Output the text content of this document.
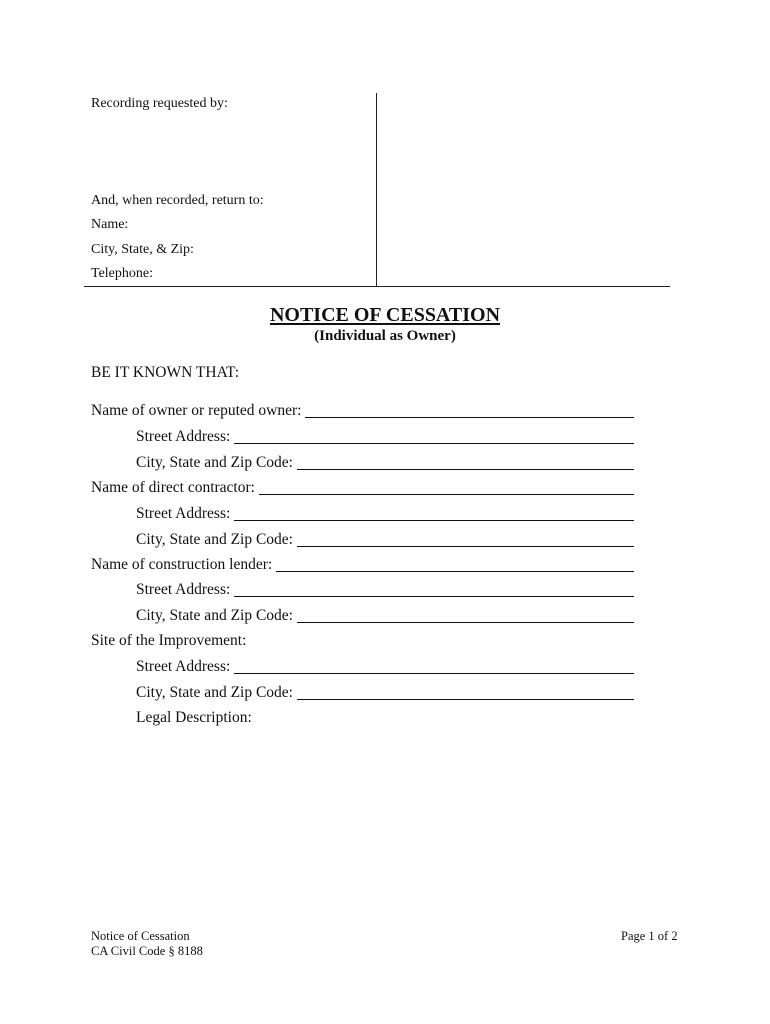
Recording requested by:
And, when recorded, return to:
Name:
City, State, & Zip:
Telephone:
NOTICE OF CESSATION
(Individual as Owner)
BE IT KNOWN THAT:
Name of owner or reputed owner:
Street Address:
City, State and Zip Code:
Name of direct contractor:
Street Address:
City, State and Zip Code:
Name of construction lender:
Street Address:
City, State and Zip Code:
Site of the Improvement:
Street Address:
City, State and Zip Code:
Legal Description:
Notice of Cessation
CA Civil Code § 8188
Page 1 of 2
